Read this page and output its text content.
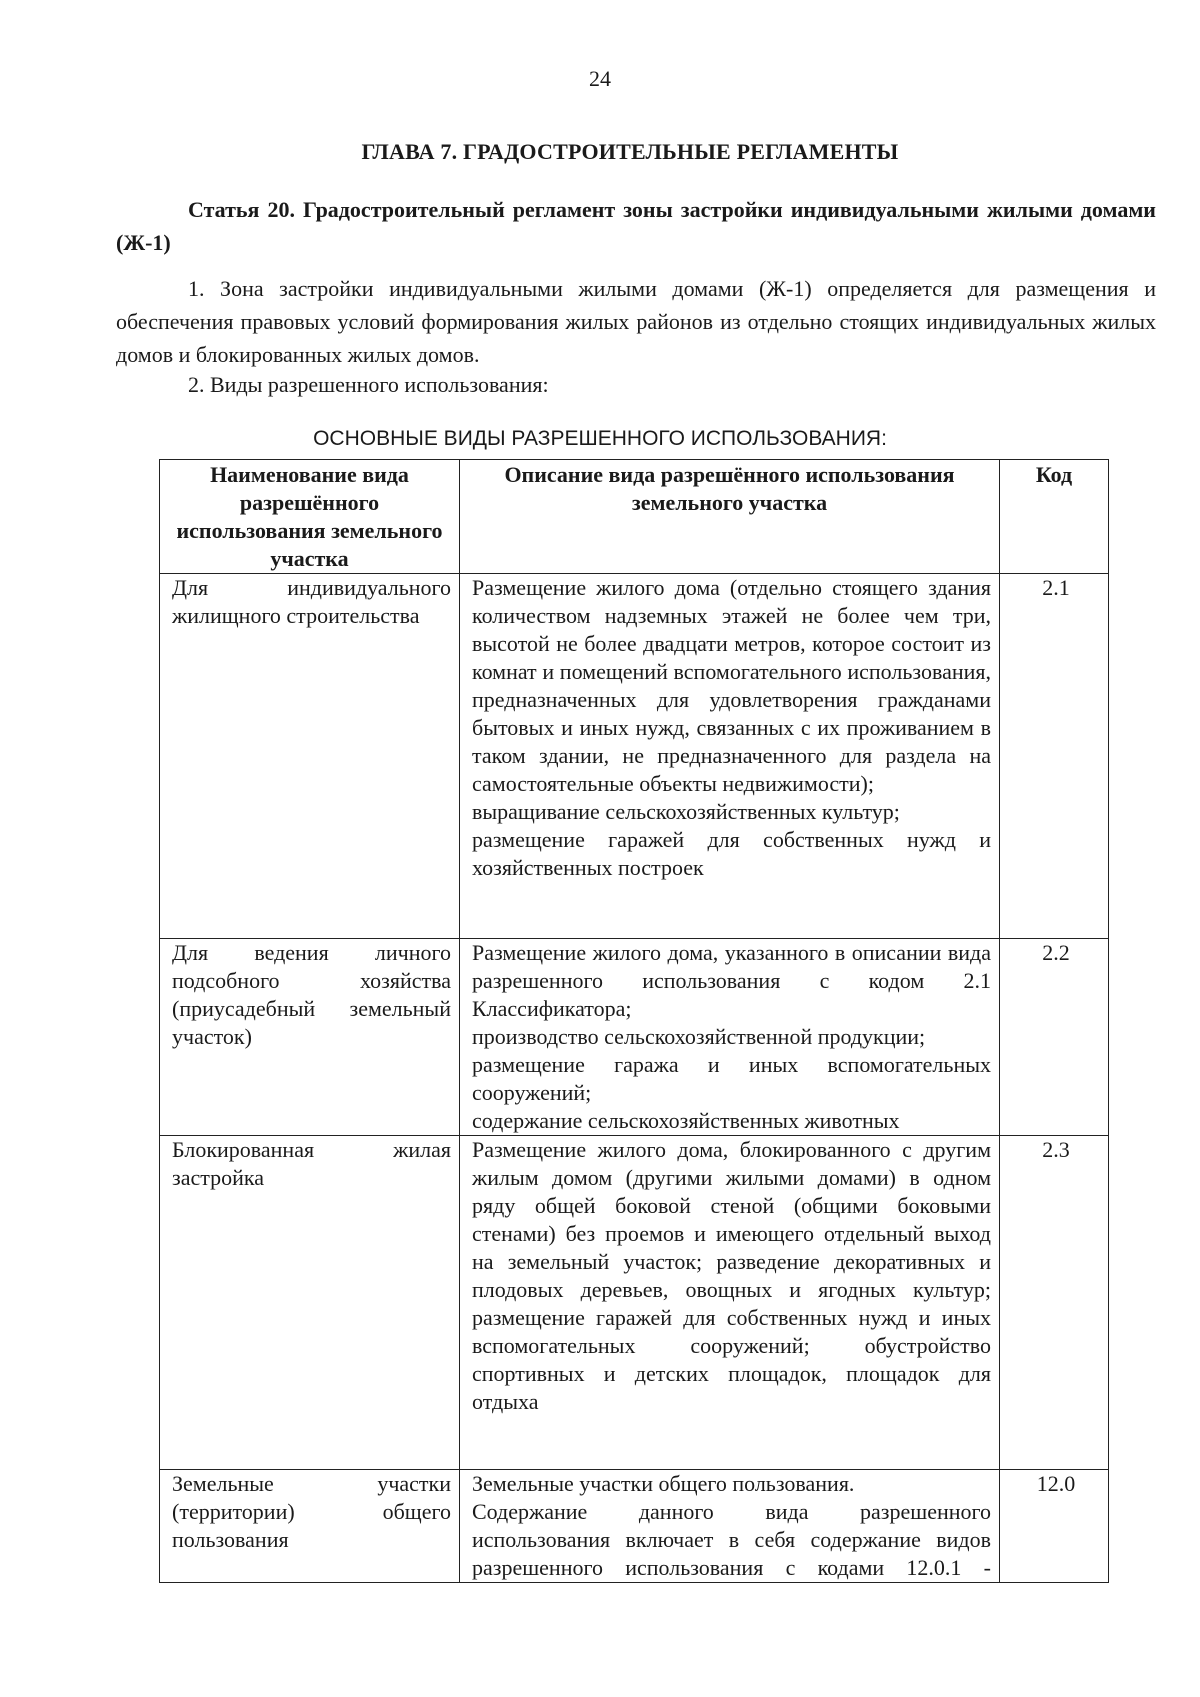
24
ГЛАВА 7. ГРАДОСТРОИТЕЛЬНЫЕ РЕГЛАМЕНТЫ
Статья 20. Градостроительный регламент зоны застройки индивидуальными жилыми домами (Ж-1)
1. Зона застройки индивидуальными жилыми домами (Ж-1) определяется для размещения и обеспечения правовых условий формирования жилых районов из отдельно стоящих индивидуальных жилых домов и блокированных жилых домов.
2. Виды разрешенного использования:
ОСНОВНЫЕ ВИДЫ РАЗРЕШЕННОГО ИСПОЛЬЗОВАНИЯ:
Наименование вида разрешённого использования земельного участка	Описание вида разрешённого использования земельного участка	Код
Для индивидуального жилищного строительства	Размещение жилого дома (отдельно стоящего здания количеством надземных этажей не более чем три, высотой не более двадцати метров, которое состоит из комнат и помещений вспомогательного использования, предназначенных для удовлетворения гражданами бытовых и иных нужд, связанных с их проживанием в таком здании, не предназначенного для раздела на самостоятельные объекты недвижимости);
выращивание сельскохозяйственных культур;
размещение гаражей для собственных нужд и хозяйственных построек	2.1
Для ведения личного подсобного хозяйства (приусадебный земельный участок)	Размещение жилого дома, указанного в описании вида разрешенного использования с кодом 2.1 Классификатора;
производство сельскохозяйственной продукции;
размещение гаража и иных вспомогательных сооружений;
содержание сельскохозяйственных животных	2.2
Блокированная жилая застройка	Размещение жилого дома, блокированного с другим жилым домом (другими жилыми домами) в одном ряду общей боковой стеной (общими боковыми стенами) без проемов и имеющего отдельный выход на земельный участок; разведение декоративных и плодовых деревьев, овощных и ягодных культур; размещение гаражей для собственных нужд и иных вспомогательных сооружений; обустройство спортивных и детских площадок, площадок для отдыха	2.3
Земельные участки (территории) общего пользования	Земельные участки общего пользования.
Содержание данного вида разрешенного использования включает в себя содержание видов разрешенного использования с кодами 12.0.1 -	12.0
